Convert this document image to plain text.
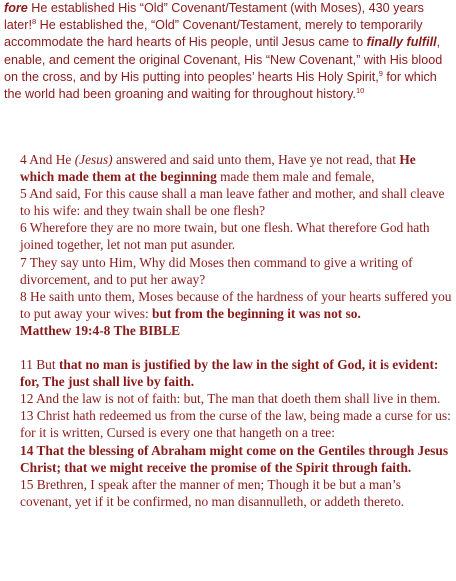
fore He established His “Old” Covenant/Testament (with Moses), 430 years later!$^8$ He established the, “Old” Covenant/Testament, merely to temporarily accommodate the hard hearts of His people, until Jesus came to finally fulfill, enable, and cement the original Covenant, His “New Covenant,” with His blood on the cross, and by His putting into peoples’ hearts His Holy Spirit,$^9$ for which the world had been groaning and waiting for throughout history.$^{10}$

4 And He (Jesus) answered and said unto them, Have ye not read, that He which made them at the beginning made them male and female,

5 And said, For this cause shall a man leave father and mother, and shall cleave to his wife: and they twain shall be one flesh?

6 Wherefore they are no more twain, but one flesh. What therefore God hath joined together, let not man put asunder.

7 They say unto Him, Why did Moses then command to give a writing of divorcement, and to put her away?

8 He saith unto them, Moses because of the hardness of your hearts suffered you to put away your wives: but from the beginning it was not so.

Matthew 19:4-8 The BIBLE

11 But that no man is justified by the law in the sight of God, it is evident: for, The just shall live by faith.

12 And the law is not of faith: but, The man that doeth them shall live in them.

13 Christ hath redeemed us from the curse of the law, being made a curse for us: for it is written, Cursed is every one that hangeth on a tree:

14 That the blessing of Abraham might come on the Gentiles through Jesus Christ; that we might receive the promise of the Spirit through faith.

15 Brethren, I speak after the manner of men; Though it be but a man’s covenant, yet if it be confirmed, no man disannulleth, or addeth thereto.
